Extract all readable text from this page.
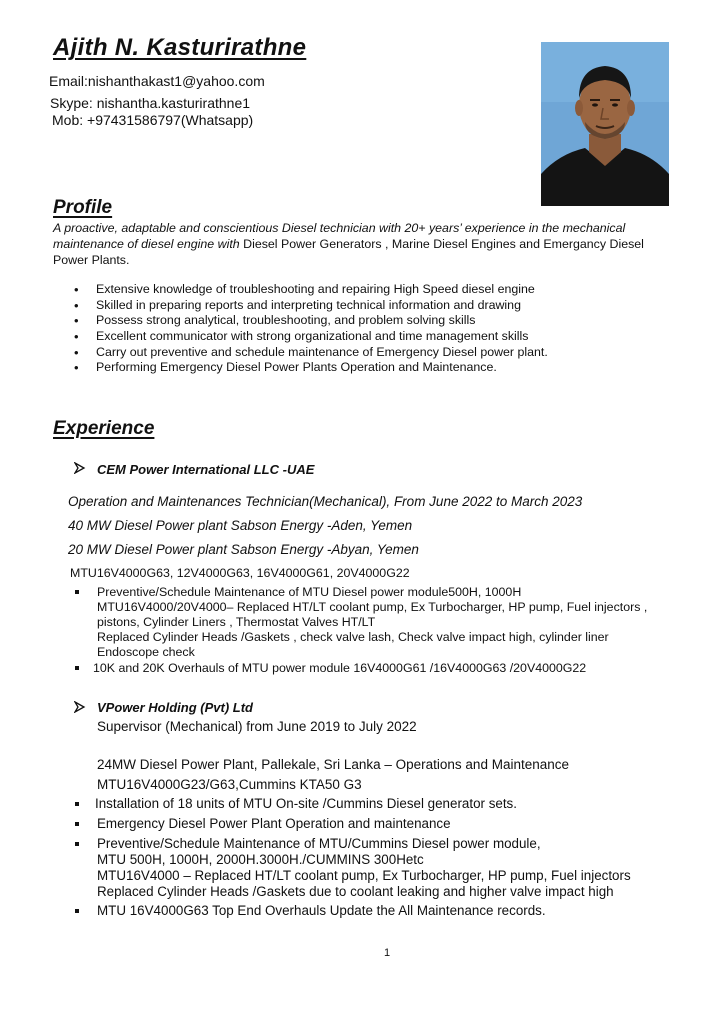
Ajith N. Kasturirathne
Email:nishanthakast1@yahoo.com
Skype: nishantha.kasturirathne1
Mob: +97431586797(Whatsapp)
Profile
A proactive, adaptable and conscientious Diesel technician with 20+ years’ experience in the mechanical
maintenance of diesel engine with Diesel Power Generators , Marine Diesel Engines and Emergancy Diesel
Power Plants.
• Extensive knowledge of troubleshooting and repairing High Speed diesel engine
• Skilled in preparing reports and interpreting technical information and drawing
• Possess strong analytical, troubleshooting, and problem solving skills
• Excellent communicator with strong organizational and time management skills
• Carry out preventive and schedule maintenance of Emergency Diesel power plant.
• Performing Emergency Diesel Power Plants Operation and Maintenance.
Experience
CEM Power International LLC -UAE
Operation and Maintenances Technician(Mechanical), From June 2022 to March 2023
40 MW Diesel Power plant Sabson Energy -Aden, Yemen
20 MW Diesel Power plant Sabson Energy -Abyan, Yemen
MTU16V4000G63, 12V4000G63, 16V4000G61, 20V4000G22
Preventive/Schedule Maintenance of MTU Diesel power module500H, 1000H
MTU16V4000/20V4000– Replaced HT/LT coolant pump, Ex Turbocharger, HP pump, Fuel injectors ,
pistons, Cylinder Liners , Thermostat Valves HT/LT
Replaced Cylinder Heads /Gaskets , check valve lash, Check valve impact high, cylinder liner
Endoscope check
10K and 20K Overhauls of MTU power module 16V4000G61 /16V4000G63 /20V4000G22
VPower Holding (Pvt) Ltd
Supervisor (Mechanical) from June 2019 to July 2022
24MW Diesel Power Plant, Pallekale, Sri Lanka – Operations and Maintenance
MTU16V4000G23/G63,Cummins KTA50 G3
Installation of 18 units of MTU On-site /Cummins Diesel generator sets.
Emergency Diesel Power Plant Operation and maintenance
Preventive/Schedule Maintenance of MTU/Cummins Diesel power module,
MTU 500H, 1000H, 2000H.3000H./CUMMINS 300Hetc
MTU16V4000 – Replaced HT/LT coolant pump, Ex Turbocharger, HP pump, Fuel injectors
Replaced Cylinder Heads /Gaskets due to coolant leaking and higher valve impact high
MTU 16V4000G63 Top End Overhauls Update the All Maintenance records.
1
